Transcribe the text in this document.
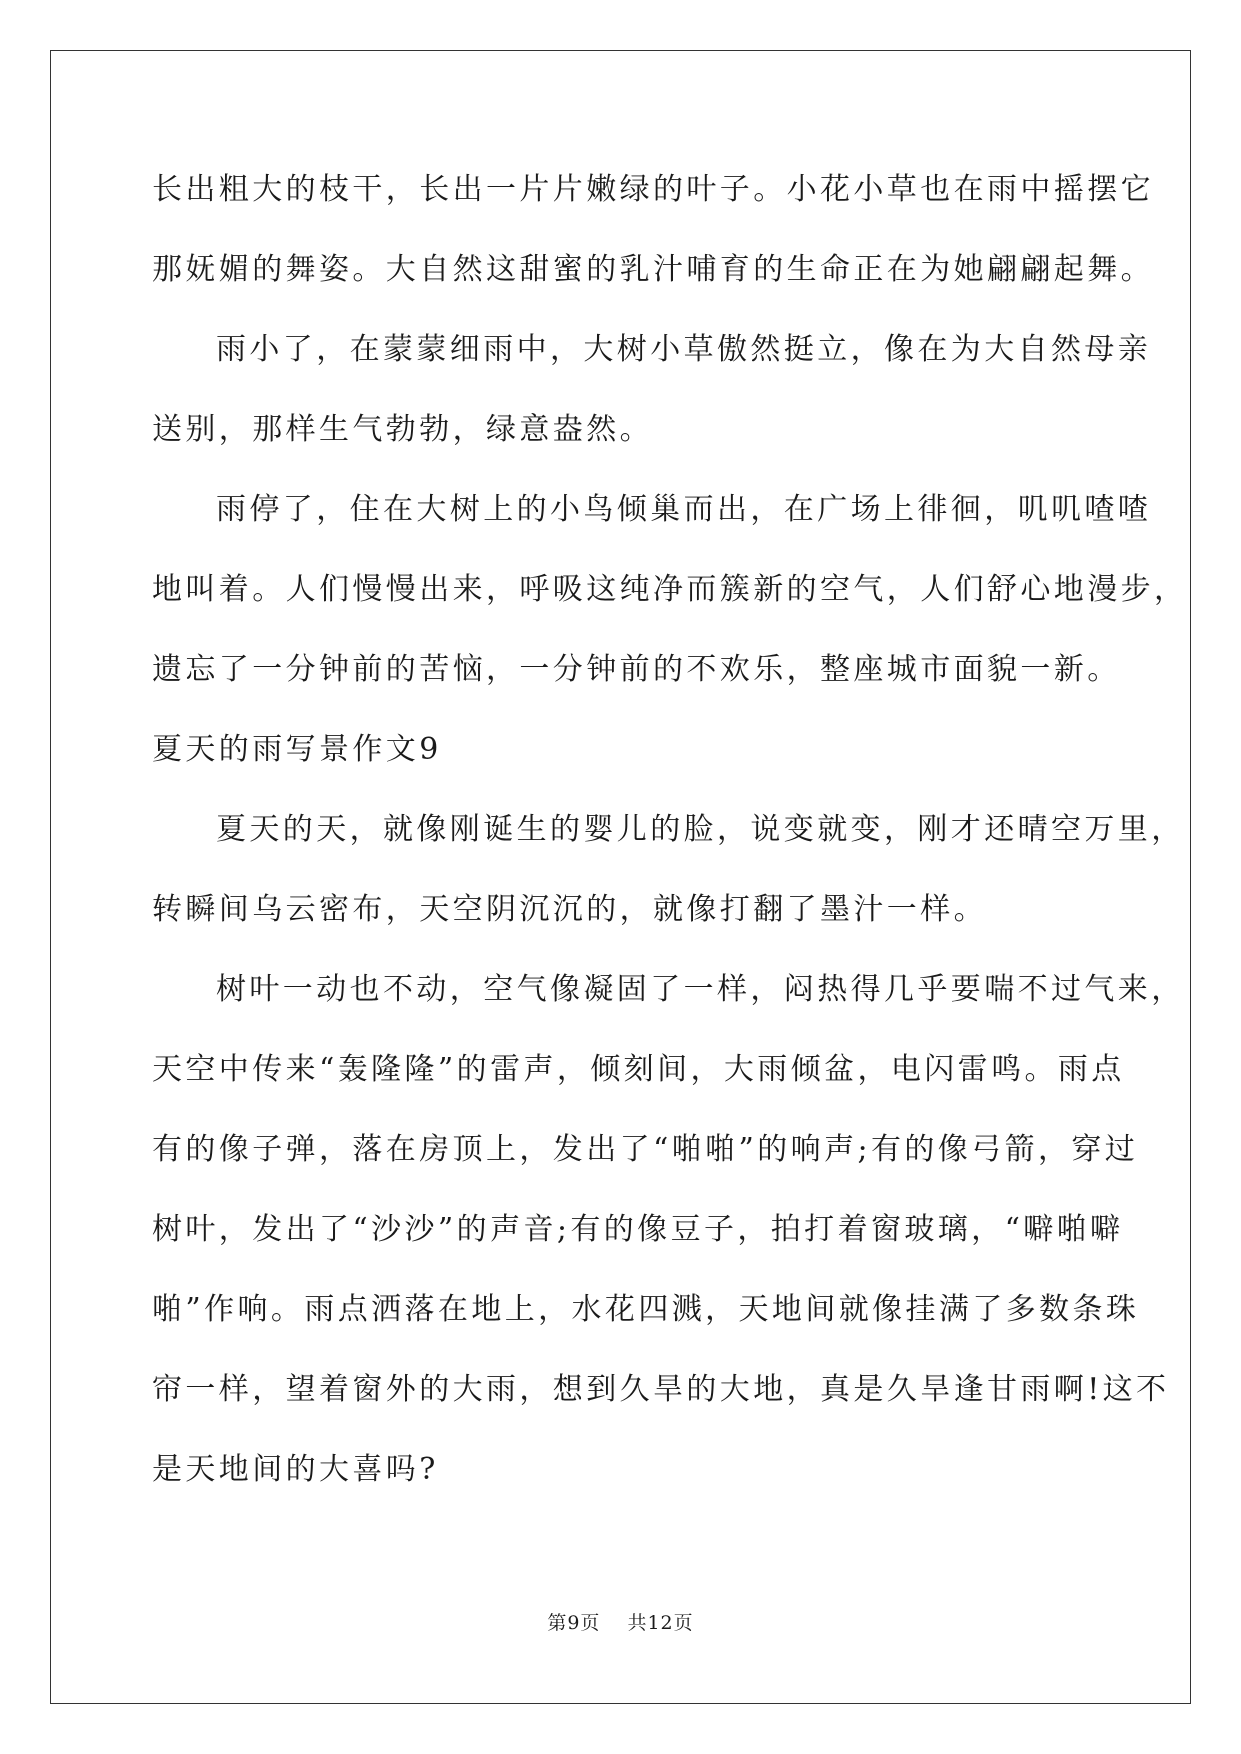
长出粗大的枝干，长出一片片嫩绿的叶子。小花小草也在雨中摇摆它
那妩媚的舞姿。大自然这甜蜜的乳汁哺育的生命正在为她翩翩起舞。
雨小了，在蒙蒙细雨中，大树小草傲然挺立，像在为大自然母亲
送别，那样生气勃勃，绿意盎然。
雨停了，住在大树上的小鸟倾巢而出，在广场上徘徊，叽叽喳喳
地叫着。人们慢慢出来，呼吸这纯净而簇新的空气，人们舒心地漫步，
遗忘了一分钟前的苦恼，一分钟前的不欢乐，整座城市面貌一新。
夏天的雨写景作文9
夏天的天，就像刚诞生的婴儿的脸，说变就变，刚才还晴空万里，
转瞬间乌云密布，天空阴沉沉的，就像打翻了墨汁一样。
树叶一动也不动，空气像凝固了一样，闷热得几乎要喘不过气来，
天空中传来“轰隆隆”的雷声，倾刻间，大雨倾盆，电闪雷鸣。雨点
有的像子弹，落在房顶上，发出了“啪啪”的响声;有的像弓箭，穿过
树叶，发出了“沙沙”的声音;有的像豆子，拍打着窗玻璃，“噼啪噼
啪”作响。雨点洒落在地上，水花四溅，天地间就像挂满了多数条珠
帘一样，望着窗外的大雨，想到久旱的大地，真是久旱逢甘雨啊!这不
是天地间的大喜吗?
第9页 共12页
